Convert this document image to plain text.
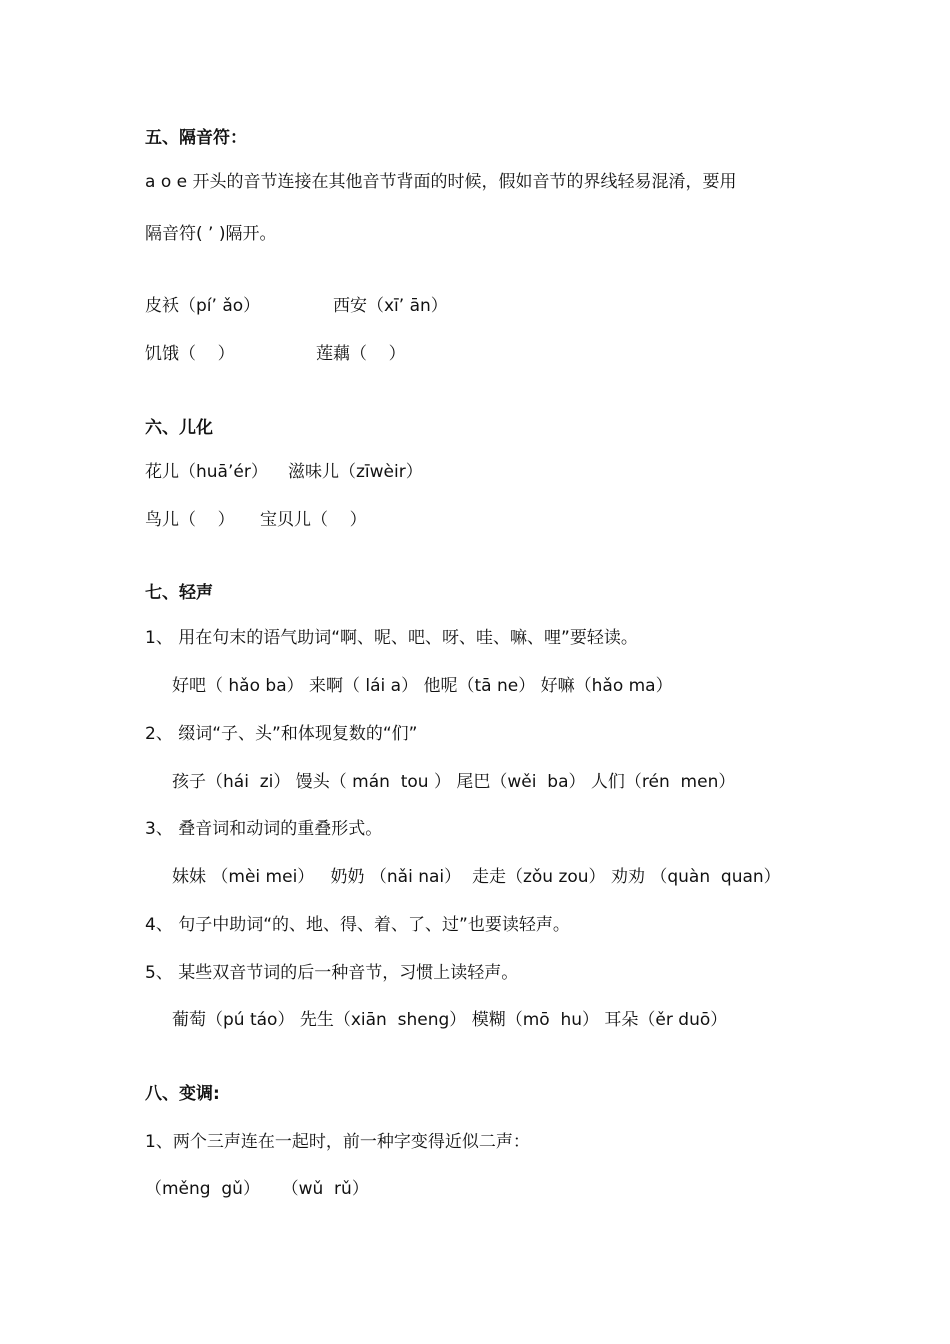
五、隔音符：
a o e 开头的音节连接在其他音节背面的时候，假如音节的界线轻易混淆，要用
隔音符( ’ )隔开。
皮袄（pí’ ǎo）	西安（xī’ ān）
饥饿（    ）	莲藕（    ）
六、儿化
花儿（huā’ér） 滋味儿（zīwèir）
鸟儿（    ） 宝贝儿（    ）
七、轻声
1、 用在句末的语气助词“啊、呢、吧、呀、哇、嘛、哩”要轻读。
好吧（ hǎo ba） 来啊（ lái a） 他呢（tā ne） 好嘛（hǎo ma）
2、 缀词“子、头”和体现复数的“们”
孩子（hái  zi） 馒头（ mán  tou ） 尾巴（wěi  ba） 人们（rén  men）
3、 叠音词和动词的重叠形式。
妹妹 （mèi mei）   奶奶 （nǎi nai）  走走（zǒu zou） 劝劝 （quàn  quan）
4、 句子中助词“的、地、得、着、了、过”也要读轻声。
5、 某些双音节词的后一种音节，习惯上读轻声。
葡萄（pú táo） 先生（xiān  sheng） 模糊（mō  hu） 耳朵（ěr duō）
八、变调:
1、两个三声连在一起时，前一种字变得近似二声：
（měng  gǔ）    （wǔ  rǔ）
